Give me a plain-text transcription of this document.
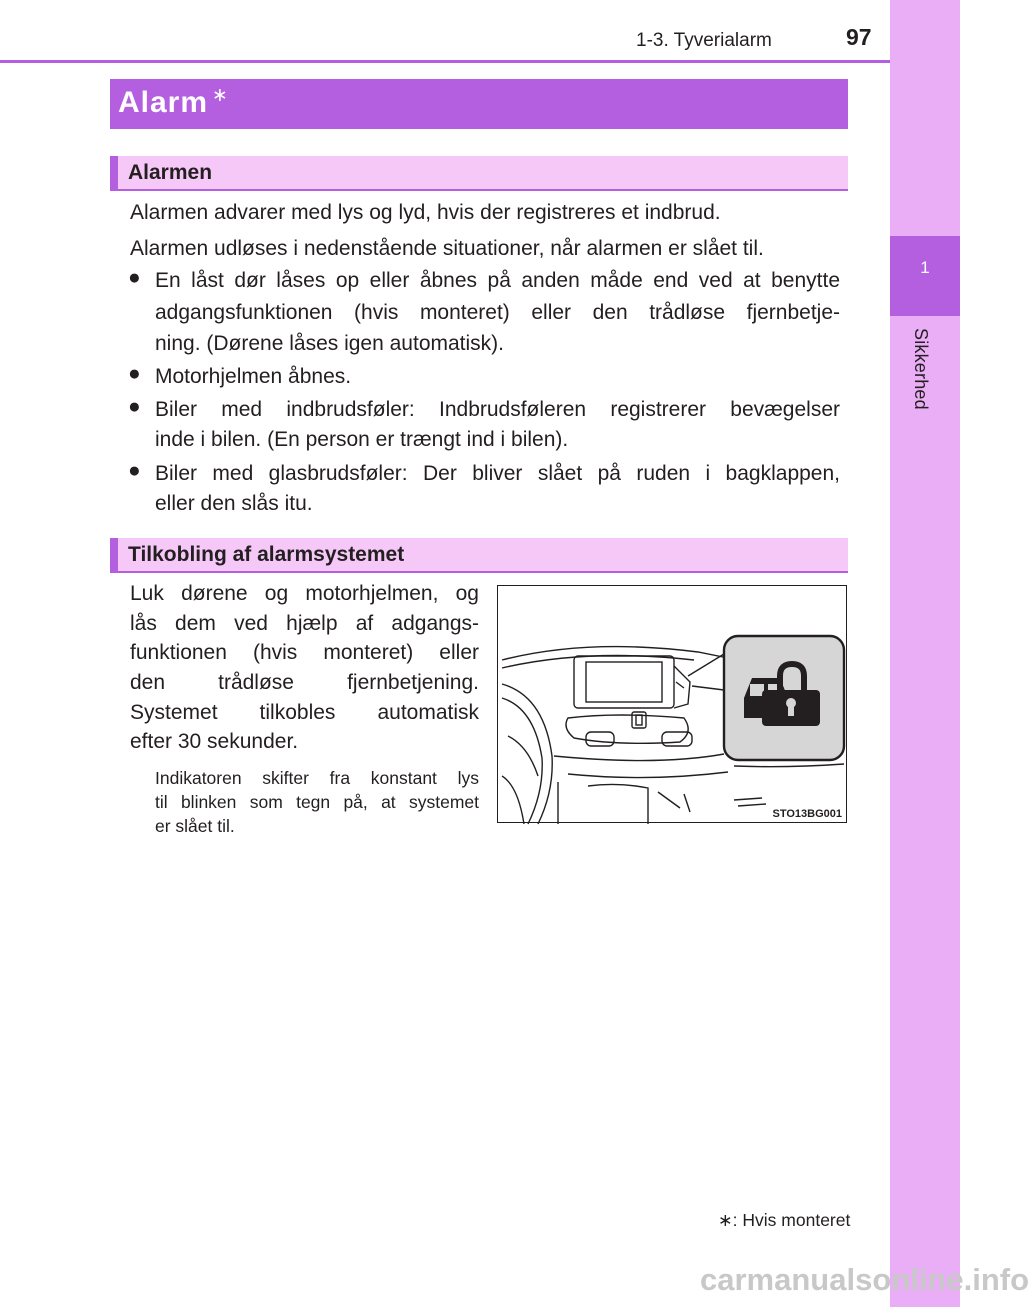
1
Sikkerhed
1-3. Tyverialarm	97
Alarm ∗
Alarmen
Alarmen advarer med lys og lyd, hvis der registreres et indbrud.
Alarmen udløses i nedenstående situationer, når alarmen er slået til.
● En låst dør låses op eller åbnes på anden måde end ved at benytte
adgangsfunktionen (hvis monteret) eller den trådløse fjernbetje-
ning. (Dørene låses igen automatisk).
● Motorhjelmen åbnes.
● Biler med indbrudsføler: Indbrudsføleren registrerer bevægelser
inde i bilen. (En person er trængt ind i bilen).
● Biler med glasbrudsføler: Der bliver slået på ruden i bagklappen,
eller den slås itu.
Tilkobling af alarmsystemet
Luk dørene og motorhjelmen, og
lås dem ved hjælp af adgangs-
funktionen (hvis monteret) eller
den trådløse fjernbetjening.
Systemet tilkobles automatisk
efter 30 sekunder.
Indikatoren skifter fra konstant lys
til blinken som tegn på, at systemet
er slået til.
STO13BG001
∗: Hvis monteret
carmanualsonline.info
